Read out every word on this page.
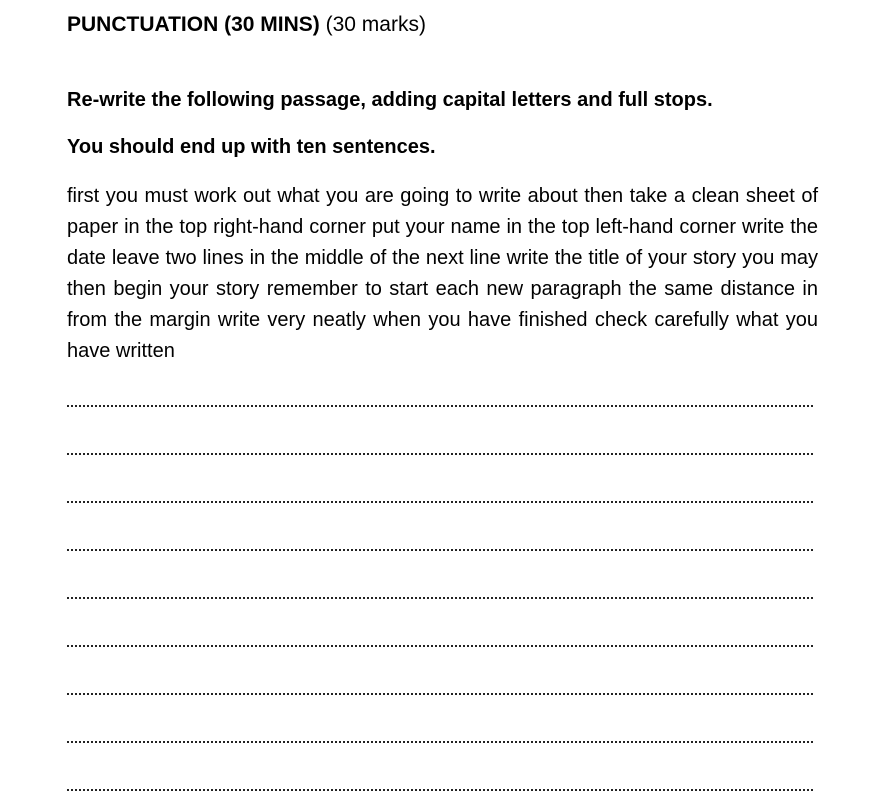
PUNCTUATION (30 MINS) (30 marks)
Re-write the following passage, adding capital letters and full stops.
You should end up with ten sentences.

first you must work out what you are going to write about then take a clean sheet of paper in the top right-hand corner put your name in the top left-hand corner write the date leave two lines in the middle of the next line write the title of your story you may then begin your story remember to start each new paragraph the same distance in from the margin write very neatly when you have finished check carefully what you have written
